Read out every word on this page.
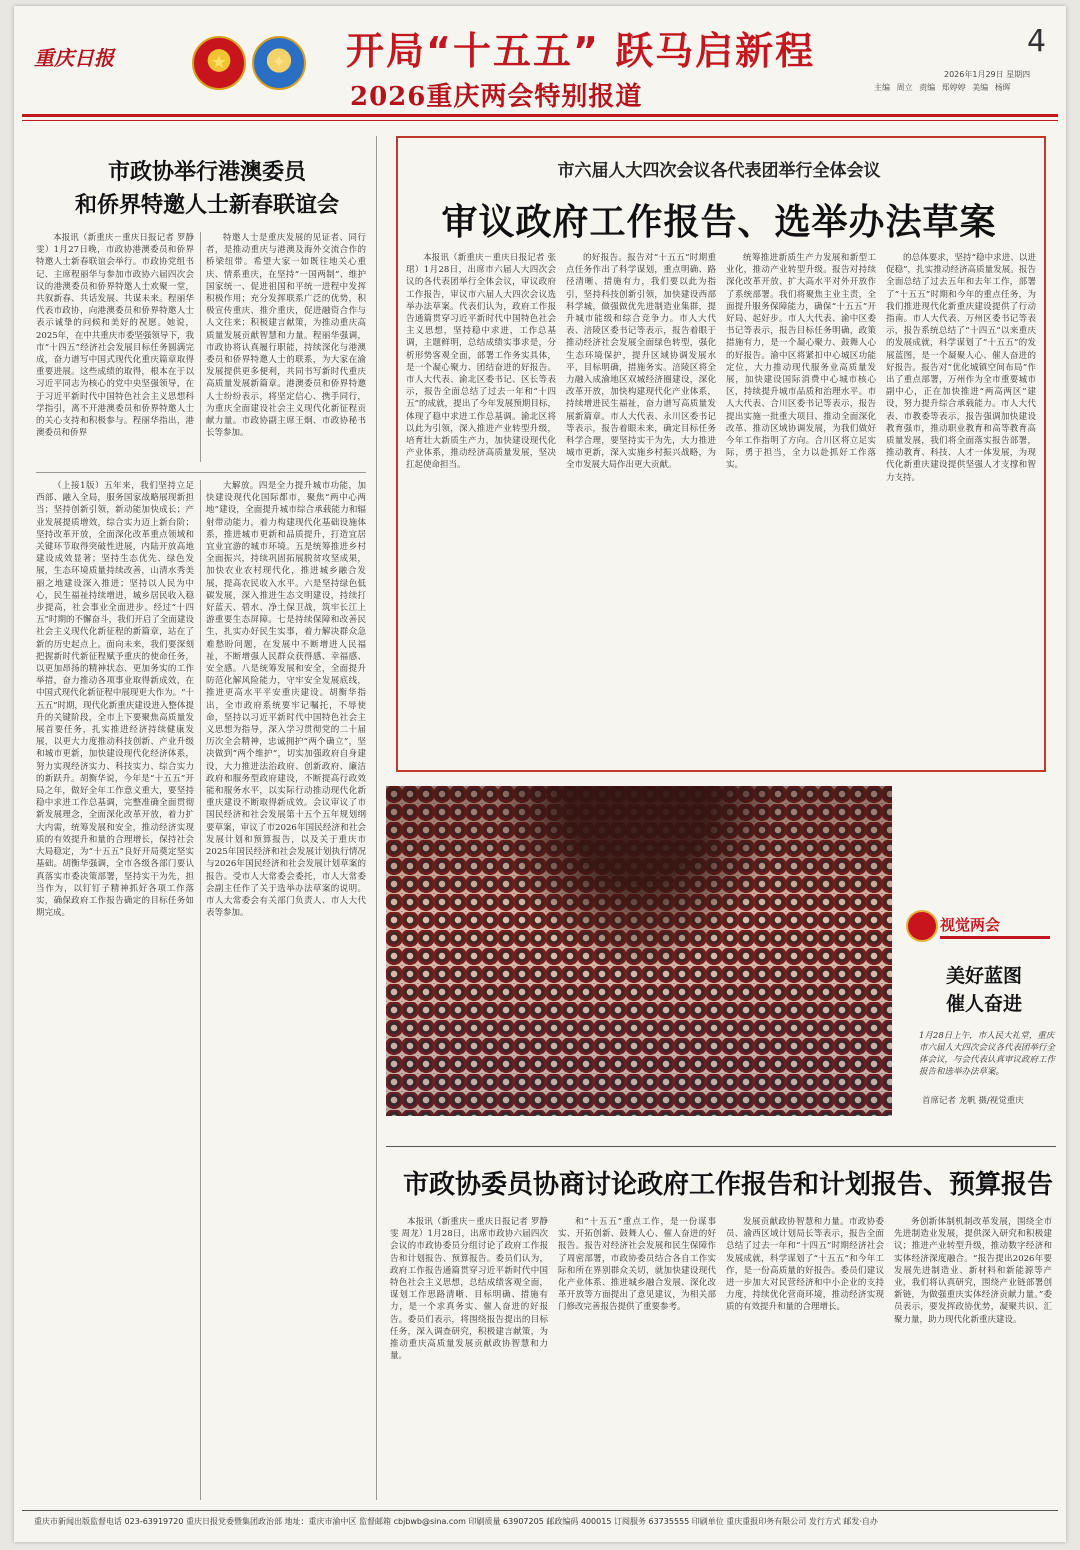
重庆日报	★	✦	开局“十五五” 跃马启新程
2026重庆两会特别报道
4
2026年1月29日 星期四
主编 周立 责编 郑婷婷 美编 杨晖
市政协举行港澳委员
和侨界特邀人士新春联谊会

本报讯（新重庆－重庆日报记者 罗静雯）1月27日晚，市政协港澳委员和侨界特邀人士新春联谊会举行。市政协党组书记、主席程丽华与参加市政协六届四次会议的港澳委员和侨界特邀人士欢聚一堂，共叙新春、共话发展、共谋未来。程丽华代表市政协，向港澳委员和侨界特邀人士表示诚挚的问候和美好的祝愿。她说，2025年，在中共重庆市委坚强领导下，我市“十四五”经济社会发展目标任务圆满完成，奋力谱写中国式现代化重庆篇章取得重要进展。这些成绩的取得，根本在于以习近平同志为核心的党中央坚强领导，在于习近平新时代中国特色社会主义思想科学指引，离不开港澳委员和侨界特邀人士的关心支持和积极参与。程丽华指出，港澳委员和侨界

特邀人士是重庆发展的见证者、同行者，是推动重庆与港澳及海外交流合作的桥梁纽带。希望大家一如既往地关心重庆、情系重庆，在坚持“一国两制”、维护国家统一、促进祖国和平统一进程中发挥积极作用；充分发挥联系广泛的优势，积极宣传重庆、推介重庆，促进融资合作与人文往来；积极建言献策，为推动重庆高质量发展贡献智慧和力量。程丽华强调，市政协将认真履行职能，持续深化与港澳委员和侨界特邀人士的联系，为大家在渝发展提供更多便利，共同书写新时代重庆高质量发展新篇章。港澳委员和侨界特邀人士纷纷表示，将坚定信心、携手同行，为重庆全面建设社会主义现代化新征程贡献力量。市政协副主席王炯、市政协秘书长等参加。

（上接1版）五年来，我们坚持立足西部、融入全局，服务国家战略展现新担当；坚持创新引领，新动能加快成长；产业发展提质增效，综合实力迈上新台阶；坚持改革开放，全面深化改革重点领域和关键环节取得突破性进展，内陆开放高地建设成效显著；坚持生态优先、绿色发展，生态环境质量持续改善，山清水秀美丽之地建设深入推进；坚持以人民为中心，民生福祉持续增进，城乡居民收入稳步提高，社会事业全面进步。经过“十四五”时期的不懈奋斗，我们开启了全面建设社会主义现代化新征程的新篇章，站在了新的历史起点上。面向未来，我们要深刻把握新时代新征程赋予重庆的使命任务，以更加昂扬的精神状态、更加务实的工作举措，奋力推动各项事业取得新成效，在中国式现代化新征程中展现更大作为。“十五五”时期，现代化新重庆建设进入整体提升的关键阶段，全市上下要聚焦高质量发展首要任务，扎实推进经济持续健康发展，以更大力度推动科技创新、产业升级和城市更新，加快建设现代化经济体系，努力实现经济实力、科技实力、综合实力的新跃升。胡衡华说，今年是“十五五”开局之年，做好全年工作意义重大，要坚持稳中求进工作总基调，完整准确全面贯彻新发展理念，全面深化改革开放，着力扩大内需，统筹发展和安全，推动经济实现质的有效提升和量的合理增长，保持社会大局稳定，为“十五五”良好开局奠定坚实基础。胡衡华强调，全市各级各部门要认真落实市委决策部署，坚持实干为先，担当作为，以钉钉子精神抓好各项工作落实，确保政府工作报告确定的目标任务如期完成。

大解放。四是全力提升城市功能，加快建设现代化国际都市，聚焦“两中心两地”建设，全面提升城市综合承载能力和辐射带动能力，着力构建现代化基础设施体系，推进城市更新和品质提升，打造宜居宜业宜游的城市环境。五是统筹推进乡村全面振兴，持续巩固拓展脱贫攻坚成果，加快农业农村现代化，推进城乡融合发展，提高农民收入水平。六是坚持绿色低碳发展，深入推进生态文明建设，持续打好蓝天、碧水、净土保卫战，筑牢长江上游重要生态屏障。七是持续保障和改善民生，扎实办好民生实事，着力解决群众急难愁盼问题，在发展中不断增进人民福祉，不断增强人民群众获得感、幸福感、安全感。八是统筹发展和安全，全面提升防范化解风险能力，守牢安全发展底线，推进更高水平平安重庆建设。胡衡华指出，全市政府系统要牢记嘱托，不辱使命，坚持以习近平新时代中国特色社会主义思想为指导，深入学习贯彻党的二十届历次全会精神，忠诚拥护“两个确立”，坚决做到“两个维护”，切实加强政府自身建设，大力推进法治政府、创新政府、廉洁政府和服务型政府建设，不断提高行政效能和服务水平，以实际行动推动现代化新重庆建设不断取得新成效。会议审议了市国民经济和社会发展第十五个五年规划纲要草案，审议了市2026年国民经济和社会发展计划和预算报告，以及关于重庆市2025年国民经济和社会发展计划执行情况与2026年国民经济和社会发展计划草案的报告。受市人大常委会委托，市人大常委会副主任作了关于选举办法草案的说明。市人大常委会有关部门负责人、市人大代表等参加。

市六届人大四次会议各代表团举行全体会议
审议政府工作报告、选举办法草案

本报讯（新重庆－重庆日报记者 张珺）1月28日，出席市六届人大四次会议的各代表团举行全体会议，审议政府工作报告，审议市六届人大四次会议选举办法草案。代表们认为，政府工作报告通篇贯穿习近平新时代中国特色社会主义思想，坚持稳中求进，工作总基调，主题鲜明，总结成绩实事求是，分析形势客观全面，部署工作务实具体，是一个凝心聚力、团结奋进的好报告。市人大代表、渝北区委书记、区长等表示，报告全面总结了过去一年和“十四五”的成就，提出了今年发展预期目标，体现了稳中求进工作总基调。渝北区将以此为引领，深入推进产业转型升级，培育壮大新质生产力，加快建设现代化产业体系，推动经济高质量发展，坚决扛起使命担当。

的好报告。报告对“十五五”时期重点任务作出了科学谋划，重点明确、路径清晰、措施有力，我们要以此为指引，坚持科技创新引领，加快建设西部科学城，做强做优先进制造业集群，提升城市能级和综合竞争力。市人大代表、涪陵区委书记等表示，报告着眼于推动经济社会发展全面绿色转型，强化生态环境保护，提升区域协调发展水平，目标明确，措施务实。涪陵区将全力融入成渝地区双城经济圈建设，深化改革开放，加快构建现代化产业体系，持续增进民生福祉，奋力谱写高质量发展新篇章。市人大代表、永川区委书记等表示，报告着眼未来，确定目标任务科学合理，要坚持实干为先，大力推进城市更新，深入实施乡村振兴战略，为全市发展大局作出更大贡献。

统筹推进新质生产力发展和新型工业化，推动产业转型升级。报告对持续深化改革开放、扩大高水平对外开放作了系统部署。我们将聚焦主业主责，全面提升服务保障能力，确保“十五五”开好局、起好步。市人大代表、渝中区委书记等表示，报告目标任务明确，政策措施有力，是一个凝心聚力、鼓舞人心的好报告。渝中区将紧扣中心城区功能定位，大力推动现代服务业高质量发展，加快建设国际消费中心城市核心区，持续提升城市品质和治理水平。市人大代表、合川区委书记等表示，报告提出实施一批重大项目、推动全面深化改革、推动区域协调发展，为我们做好今年工作指明了方向。合川区将立足实际，勇于担当，全力以赴抓好工作落实。

的总体要求，坚持“稳中求进、以进促稳”，扎实推动经济高质量发展。报告全面总结了过去五年和去年工作，部署了“十五五”时期和今年的重点任务，为我们推进现代化新重庆建设提供了行动指南。市人大代表、万州区委书记等表示，报告系统总结了“十四五”以来重庆的发展成就，科学谋划了“十五五”的发展蓝图，是一个凝聚人心、催人奋进的好报告。报告对“优化城镇空间布局”作出了重点部署，万州作为全市重要城市副中心，正在加快推进“两高两区”建设，努力提升综合承载能力。市人大代表、市教委等表示，报告强调加快建设教育强市，推动职业教育和高等教育高质量发展，我们将全面落实报告部署，推动教育、科技、人才一体发展，为现代化新重庆建设提供坚强人才支撑和智力支持。

视觉两会
美好蓝图
催人奋进
1月28日上午，市人民大礼堂，重庆市六届人大四次会议各代表团举行全体会议，与会代表认真审议政府工作报告和选举办法草案。
首席记者 龙帆 摄/视觉重庆
市政协委员协商讨论政府工作报告和计划报告、预算报告

本报讯（新重庆－重庆日报记者 罗静雯 周龙）1月28日，出席市政协六届四次会议的市政协委员分组讨论了政府工作报告和计划报告、预算报告。委员们认为，政府工作报告通篇贯穿习近平新时代中国特色社会主义思想，总结成绩客观全面，谋划工作思路清晰、目标明确、措施有力，是一个求真务实、催人奋进的好报告。委员们表示，将围绕报告提出的目标任务，深入调查研究，积极建言献策，为推动重庆高质量发展贡献政协智慧和力量。

和“十五五”重点工作，是一份谋事实、开拓创新、鼓舞人心、催人奋进的好报告。报告对经济社会发展和民生保障作了周密部署，市政协委员结合各自工作实际和所在界别群众关切，就加快建设现代化产业体系、推进城乡融合发展、深化改革开放等方面提出了意见建议，为相关部门修改完善报告提供了重要参考。

发展贡献政协智慧和力量。市政协委员、渝西区域计划局长等表示，报告全面总结了过去一年和“十四五”时期经济社会发展成就，科学谋划了“十五五”和今年工作，是一份高质量的好报告。委员们建议进一步加大对民营经济和中小企业的支持力度，持续优化营商环境，推动经济实现质的有效提升和量的合理增长。

务创新体制机制改革发展，围绕全市先进制造业发展，提供深入研究和积极建议；推进产业转型升级，推动数字经济和实体经济深度融合。“报告提出2026年要发展先进制造业、新材料和新能源等产业，我们将认真研究，围绕产业链部署创新链，为做强重庆实体经济贡献力量。”委员表示，要发挥政协优势，凝聚共识、汇聚力量，助力现代化新重庆建设。

重庆市新闻出版监督电话 023-63919720 重庆日报党委暨集团政治部 地址：重庆市渝中区 监督邮箱 cbjbwb@sina.com 印刷质量 63907205 邮政编码 400015 订阅服务 63735555 印刷单位 重庆重报印务有限公司 发行方式 邮发·自办
